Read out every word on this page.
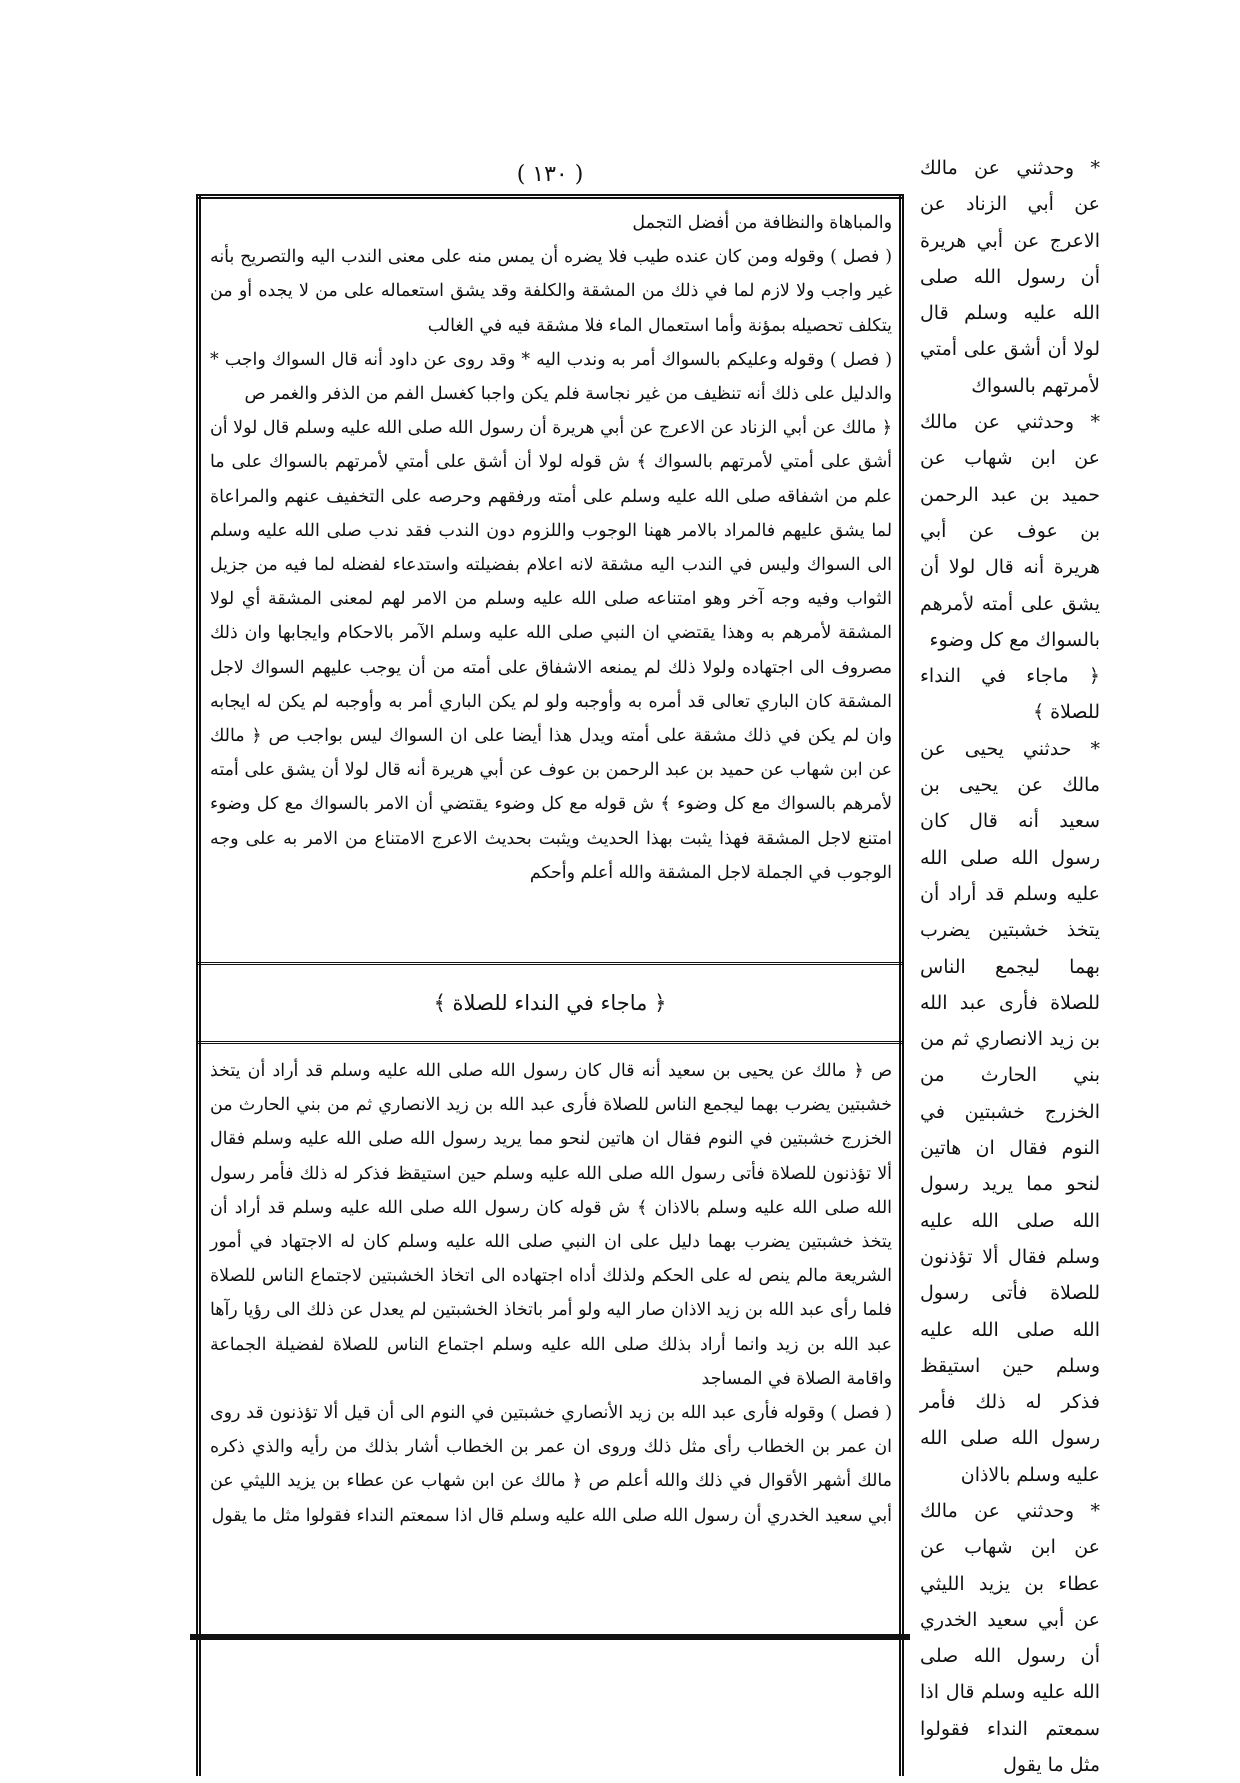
( ١٣٠ )

والمباهاة والنظافة من أفضل التجمل

( فصل ) وقوله ومن كان عنده طيب فلا يضره أن يمس منه على معنى الندب اليه والتصريح بأنه غير واجب ولا لازم لما في ذلك من المشقة والكلفة وقد يشق استعماله على من لا يجده أو من يتكلف تحصيله بمؤنة وأما استعمال الماء فلا مشقة فيه في الغالب

( فصل ) وقوله وعليكم بالسواك أمر به وندب اليه * وقد روى عن داود أنه قال السواك واجب * والدليل على ذلك أنه تنظيف من غير نجاسة فلم يكن واجبا كغسل الفم من الذفر والغمر ص

﴿ مالك عن أبي الزناد عن الاعرج عن أبي هريرة أن رسول الله صلى الله عليه وسلم قال لولا أن أشق على أمتي لأمرتهم بالسواك ﴾ ش قوله لولا أن أشق على أمتي لأمرتهم بالسواك على ما علم من اشفاقه صلى الله عليه وسلم على أمته ورفقهم وحرصه على التخفيف عنهم والمراعاة لما يشق عليهم فالمراد بالامر ههنا الوجوب واللزوم دون الندب فقد ندب صلى الله عليه وسلم الى السواك وليس في الندب اليه مشقة لانه اعلام بفضيلته واستدعاء لفضله لما فيه من جزيل الثواب وفيه وجه آخر وهو امتناعه صلى الله عليه وسلم من الامر لهم لمعنى المشقة أي لولا المشقة لأمرهم به وهذا يقتضي ان النبي صلى الله عليه وسلم الآمر بالاحكام وايجابها وان ذلك مصروف الى اجتهاده ولولا ذلك لم يمنعه الاشفاق على أمته من أن يوجب عليهم السواك لاجل المشقة كان الباري تعالى قد أمره به وأوجبه ولو لم يكن الباري أمر به وأوجبه لم يكن له ايجابه وان لم يكن في ذلك مشقة على أمته ويدل هذا أيضا على ان السواك ليس بواجب ص ﴿ مالك عن ابن شهاب عن حميد بن عبد الرحمن بن عوف عن أبي هريرة أنه قال لولا أن يشق على أمته لأمرهم بالسواك مع كل وضوء ﴾ ش قوله مع كل وضوء يقتضي أن الامر بالسواك مع كل وضوء امتنع لاجل المشقة فهذا يثبت بهذا الحديث ويثبت بحديث الاعرج الامتناع من الامر به على وجه الوجوب في الجملة لاجل المشقة والله أعلم وأحكم

﴿ ماجاء في النداء للصلاة ﴾

ص ﴿ مالك عن يحيى بن سعيد أنه قال كان رسول الله صلى الله عليه وسلم قد أراد أن يتخذ خشبتين يضرب بهما ليجمع الناس للصلاة فأرى عبد الله بن زيد الانصاري ثم من بني الحارث من الخزرج خشبتين في النوم فقال ان هاتين لنحو مما يريد رسول الله صلى الله عليه وسلم فقال ألا تؤذنون للصلاة فأتى رسول الله صلى الله عليه وسلم حين استيقظ فذكر له ذلك فأمر رسول الله صلى الله عليه وسلم بالاذان ﴾ ش قوله كان رسول الله صلى الله عليه وسلم قد أراد أن يتخذ خشبتين يضرب بهما دليل على ان النبي صلى الله عليه وسلم كان له الاجتهاد في أمور الشريعة مالم ينص له على الحكم ولذلك أداه اجتهاده الى اتخاذ الخشبتين لاجتماع الناس للصلاة فلما رأى عبد الله بن زيد الاذان صار اليه ولو أمر باتخاذ الخشبتين لم يعدل عن ذلك الى رؤيا رآها عبد الله بن زيد وانما أراد بذلك صلى الله عليه وسلم اجتماع الناس للصلاة لفضيلة الجماعة واقامة الصلاة في المساجد

( فصل ) وقوله فأرى عبد الله بن زيد الأنصاري خشبتين في النوم الى أن قيل ألا تؤذنون قد روى ان عمر بن الخطاب رأى مثل ذلك وروى ان عمر بن الخطاب أشار بذلك من رأيه والذي ذكره مالك أشهر الأقوال في ذلك والله أعلم ص ﴿ مالك عن ابن شهاب عن عطاء بن يزيد الليثي عن أبي سعيد الخدري أن رسول الله صلى الله عليه وسلم قال اذا سمعتم النداء فقولوا مثل ما يقول

* وحدثني عن مالك عن أبي الزناد عن الاعرج عن أبي هريرة أن رسول الله صلى الله عليه وسلم قال لولا أن أشق على أمتي لأمرتهم بالسواك

* وحدثني عن مالك عن ابن شهاب عن حميد بن عبد الرحمن بن عوف عن أبي هريرة أنه قال لولا أن يشق على أمته لأمرهم بالسواك مع كل وضوء

﴿ ماجاء في النداء للصلاة ﴾

* حدثني يحيى عن مالك عن يحيى بن سعيد أنه قال كان رسول الله صلى الله عليه وسلم قد أراد أن يتخذ خشبتين يضرب بهما ليجمع الناس للصلاة فأرى عبد الله بن زيد الانصاري ثم من بني الحارث من الخزرج خشبتين في النوم فقال ان هاتين لنحو مما يريد رسول الله صلى الله عليه وسلم فقال ألا تؤذنون للصلاة فأتى رسول الله صلى الله عليه وسلم حين استيقظ فذكر له ذلك فأمر رسول الله صلى الله عليه وسلم بالاذان

* وحدثني عن مالك عن ابن شهاب عن عطاء بن يزيد الليثي عن أبي سعيد الخدري أن رسول الله صلى الله عليه وسلم قال اذا سمعتم النداء فقولوا مثل ما يقول
